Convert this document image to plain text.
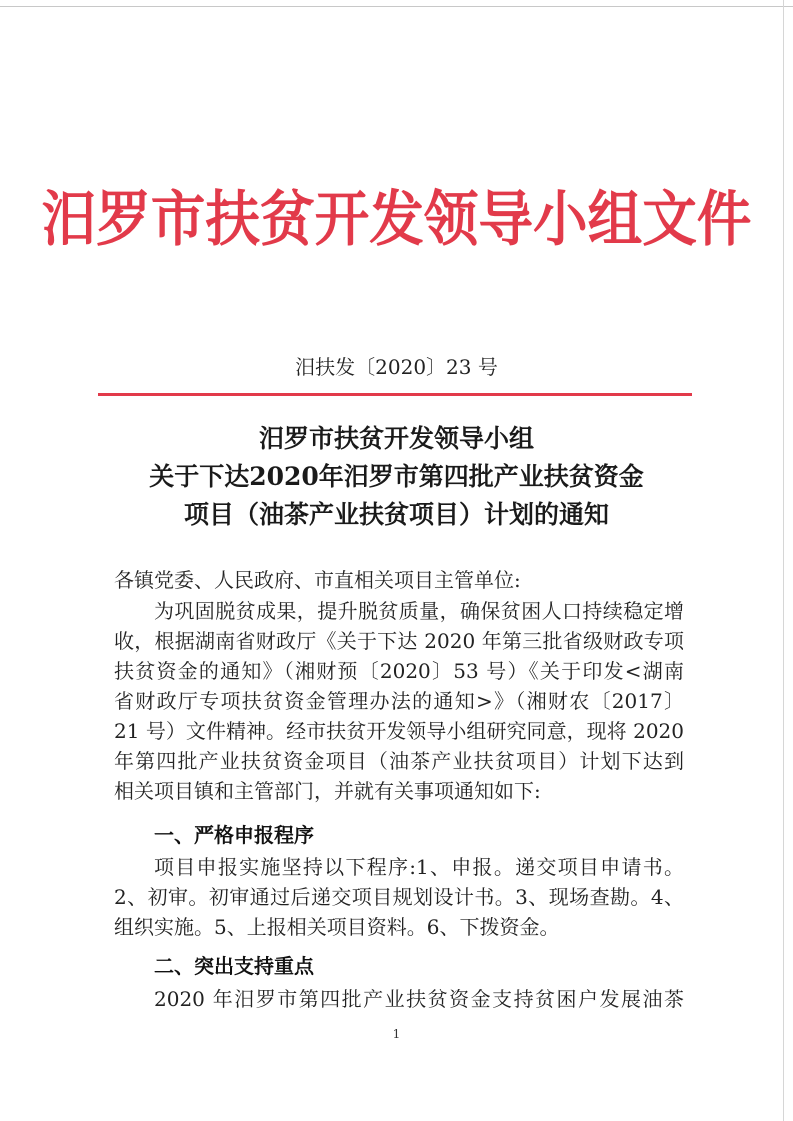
汨罗市扶贫开发领导小组文件
汨扶发〔2020〕23 号
汨罗市扶贫开发领导小组
关于下达2020年汨罗市第四批产业扶贫资金
项目（油茶产业扶贫项目）计划的通知
各镇党委、人民政府、市直相关项目主管单位:
为巩固脱贫成果，提升脱贫质量，确保贫困人口持续稳定增
收，根据湖南省财政厅《关于下达 2020 年第三批省级财政专项
扶贫资金的通知》（湘财预〔2020〕53 号）《关于印发<湖南
省财政厅专项扶贫资金管理办法的通知>》（湘财农〔2017〕
21 号）文件精神。经市扶贫开发领导小组研究同意，现将 2020
年第四批产业扶贫资金项目（油茶产业扶贫项目）计划下达到
相关项目镇和主管部门，并就有关事项通知如下:
一、严格申报程序
项目申报实施坚持以下程序:1、申报。递交项目申请书。
2、初审。初审通过后递交项目规划设计书。3、现场查勘。4、
组织实施。5、上报相关项目资料。6、下拨资金。
二、突出支持重点
2020 年汨罗市第四批产业扶贫资金支持贫困户发展油茶
1
